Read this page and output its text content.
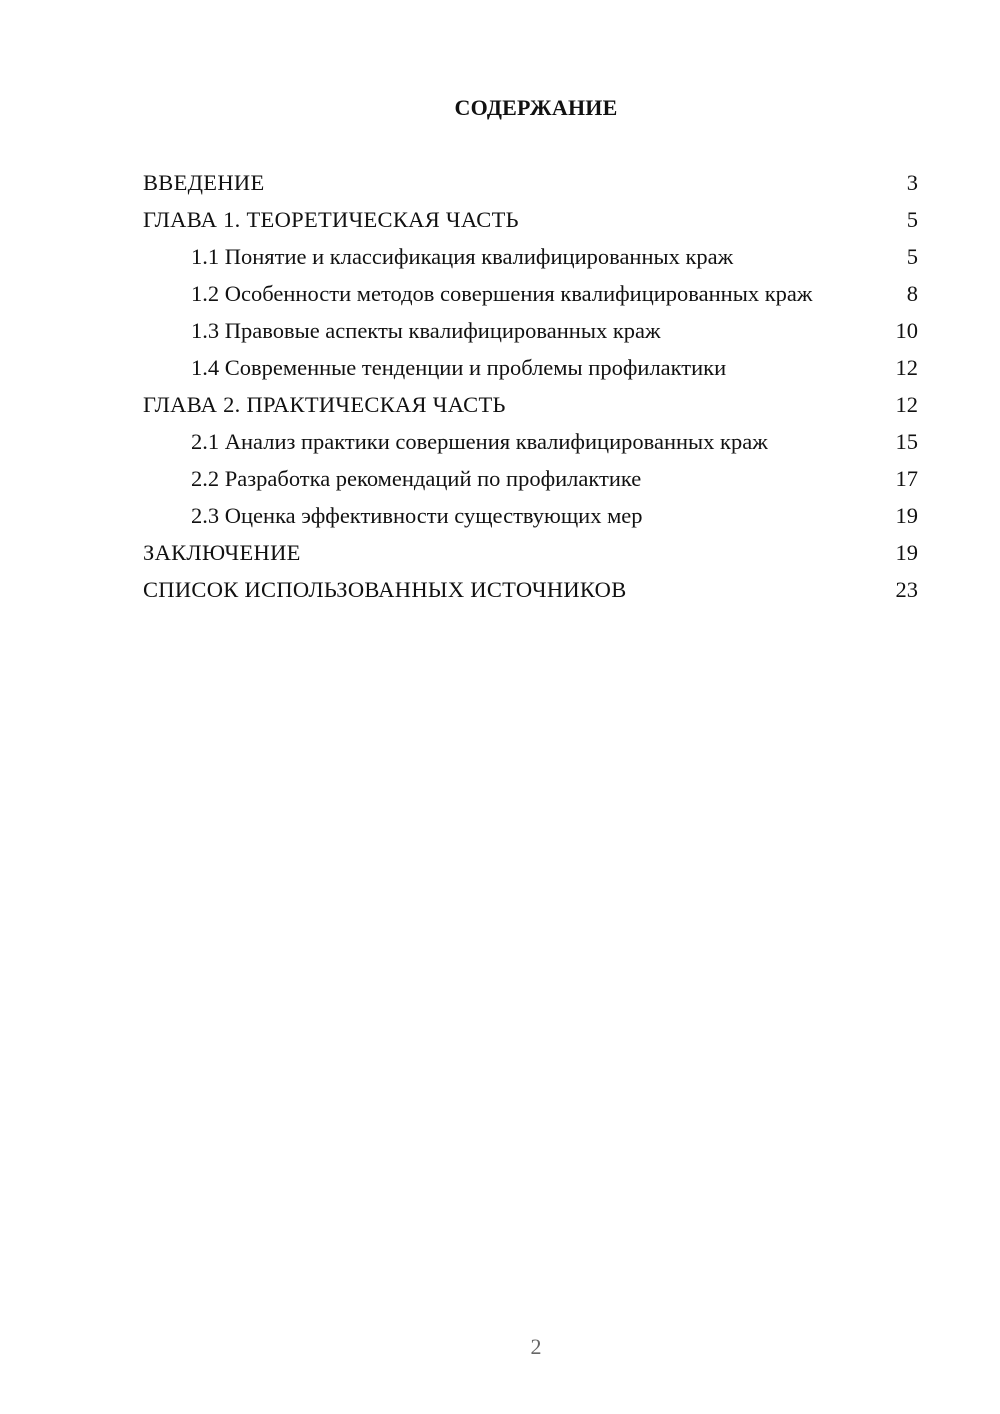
СОДЕРЖАНИЕ
ВВЕДЕНИЕ	3
ГЛАВА 1. ТЕОРЕТИЧЕСКАЯ ЧАСТЬ	5
1.1 Понятие и классификация квалифицированных краж	5
1.2 Особенности методов совершения квалифицированных краж	8
1.3 Правовые аспекты квалифицированных краж	10
1.4 Современные тенденции и проблемы профилактики	12
ГЛАВА 2. ПРАКТИЧЕСКАЯ ЧАСТЬ	12
2.1 Анализ практики совершения квалифицированных краж	15
2.2 Разработка рекомендаций по профилактике	17
2.3 Оценка эффективности существующих мер	19
ЗАКЛЮЧЕНИЕ	19
СПИСОК ИСПОЛЬЗОВАННЫХ ИСТОЧНИКОВ	23
2
